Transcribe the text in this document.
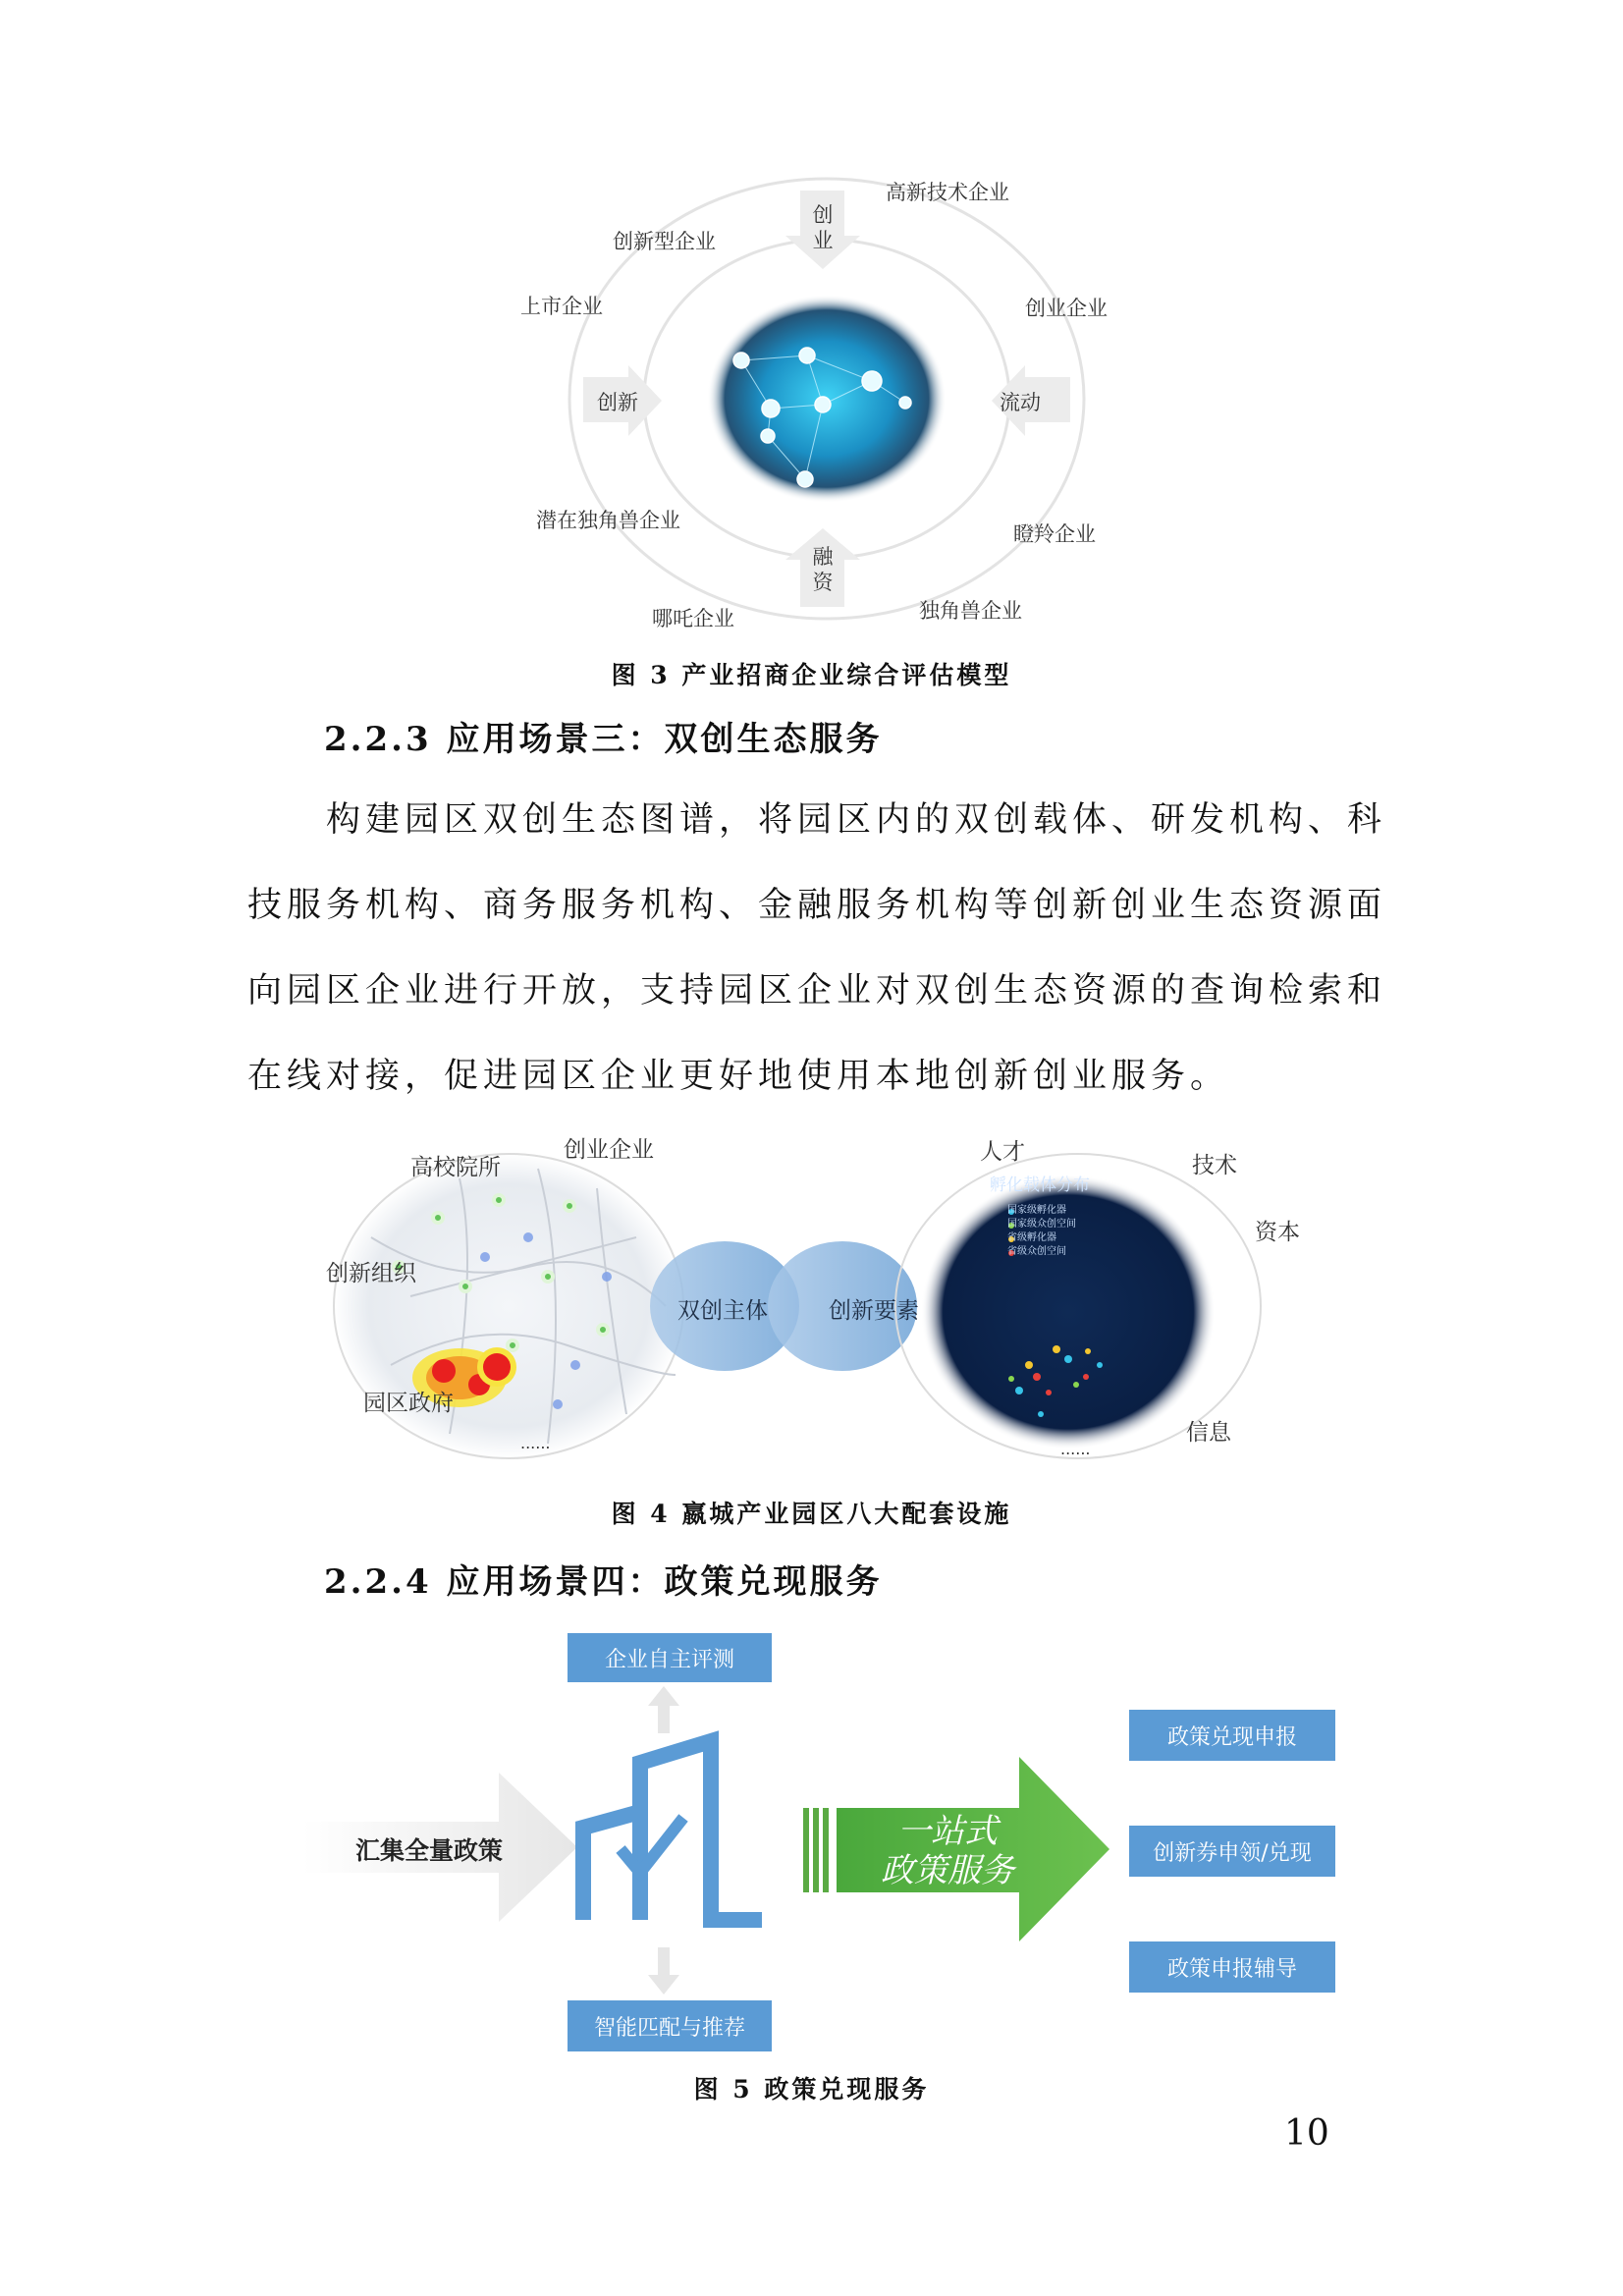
创
业
融
资
创新	流动
高新技术企业
创新型企业
上市企业	创业企业
潜在独角兽企业
瞪羚企业
哪吒企业	独角兽企业
图 3 产业招商企业综合评估模型
2.2.3 应用场景三：双创生态服务

构建园区双创生态图谱，将园区内的双创载体、研发机构、科技服务机构、商务服务机构、金融服务机构等创新创业生态资源面向园区企业进行开放，支持园区企业对双创生态资源的查询检索和在线对接，促进园区企业更好地使用本地创新创业服务。

高校院所
创业企业
创新组织
园区政府
......
双创主体	创新要素
人才
技术
资本
信息
......
孵化载体分布
国家级孵化器
国家级众创空间
省级孵化器
省级众创空间
图 4 嬴城产业园区八大配套设施
2.2.4 应用场景四：政策兑现服务
企业自主评测
智能匹配与推荐
汇集全量政策	一站式
政策服务
政策兑现申报
创新券申领/兑现
政策申报辅导
图 5 政策兑现服务
10
